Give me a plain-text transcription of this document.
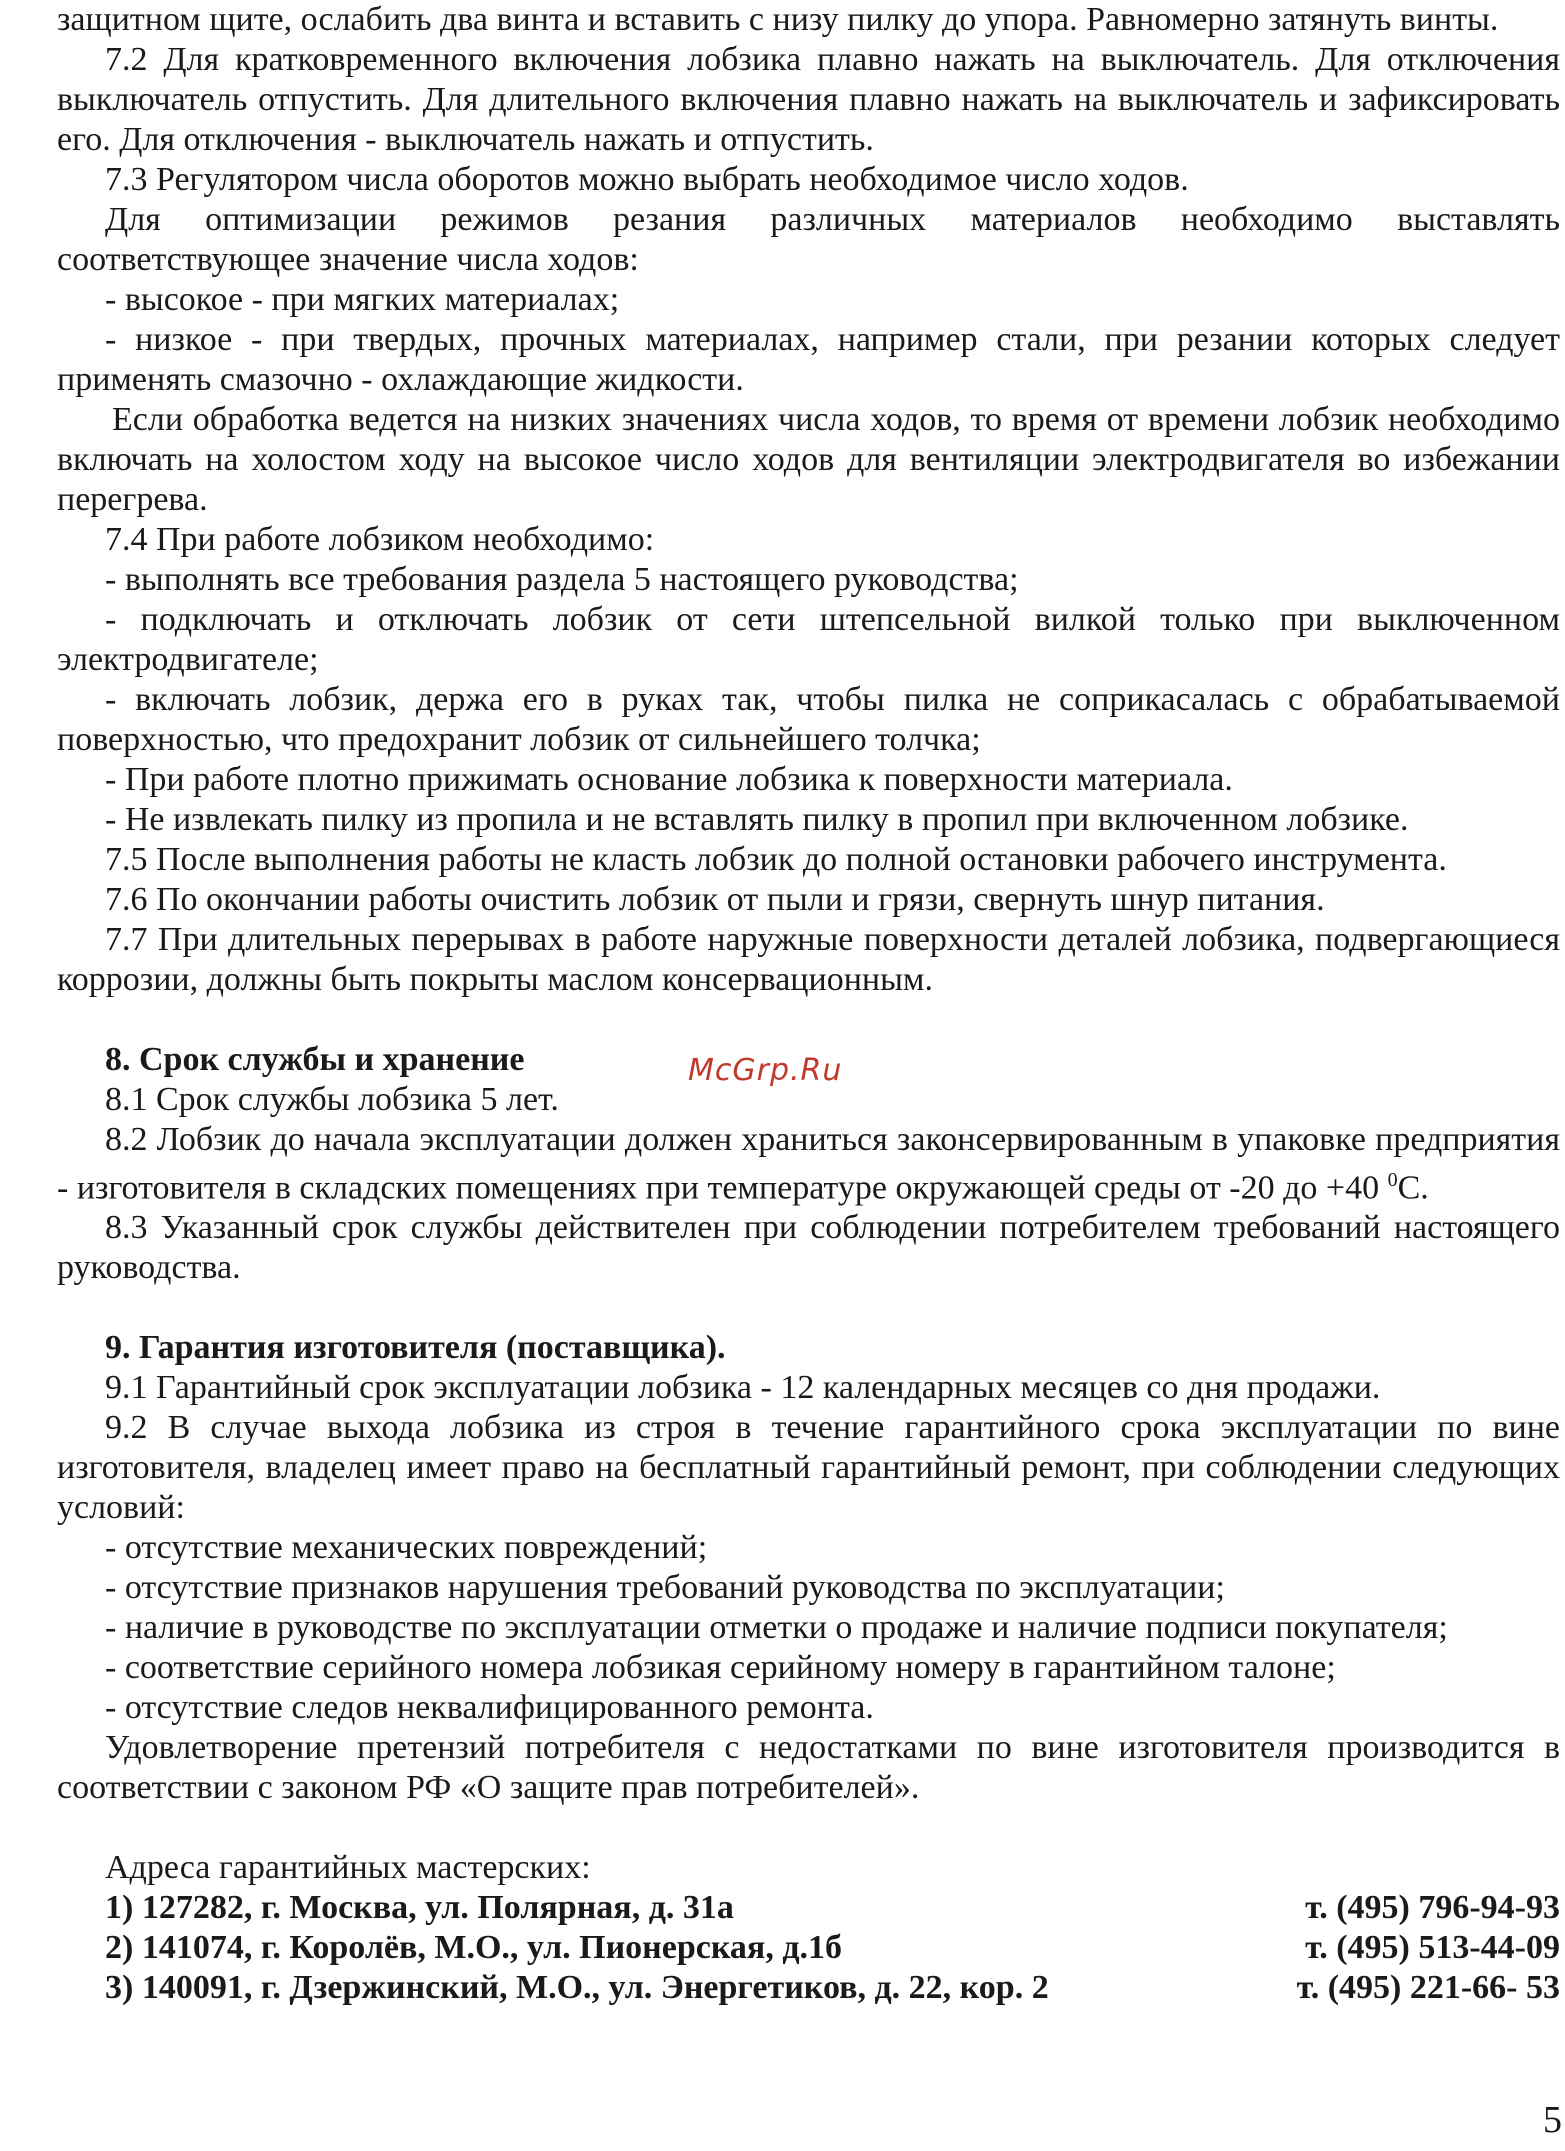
защитном щите, ослабить два винта и вставить с низу пилку до упора. Равномерно затянуть винты.

7.2 Для кратковременного включения лобзика плавно нажать на выключатель. Для отключения выключатель отпустить. Для длительного включения плавно нажать на выключатель и зафиксировать его. Для отключения - выключатель нажать и отпустить.

7.3 Регулятором числа оборотов можно выбрать необходимое число ходов.

Для оптимизации режимов резания различных материалов необходимо выставлять соответствующее значение числа ходов:

- высокое - при мягких материалах;

- низкое - при твердых, прочных материалах, например стали, при резании которых следует применять смазочно - охлаждающие жидкости.

Если обработка ведется на низких значениях числа ходов, то время от времени лобзик необходимо включать на холостом ходу на высокое число ходов для вентиляции электродвигателя во избежании перегрева.

7.4 При работе лобзиком необходимо:

- выполнять все требования раздела 5 настоящего руководства;

- подключать и отключать лобзик от сети штепсельной вилкой только при выключенном электродвигателе;

- включать лобзик, держа его в руках так, чтобы пилка не соприкасалась с обрабатываемой поверхностью, что предохранит лобзик от сильнейшего толчка;

- При работе плотно прижимать основание лобзика к поверхности материала.

- Не извлекать пилку из пропила и не вставлять пилку в пропил при включенном лобзике.

7.5 После выполнения работы не класть лобзик до полной остановки рабочего инструмента.

7.6 По окончании работы очистить лобзик от пыли и грязи, свернуть шнур питания.

7.7 При длительных перерывах в работе наружные поверхности деталей лобзика, подвергающиеся коррозии, должны быть покрыты маслом консервационным.

8. Срок службы и хранение

8.1 Срок службы лобзика 5 лет.

8.2 Лобзик до начала эксплуатации должен храниться законсервированным в упаковке предприятия - изготовителя в складских помещениях при температуре окружающей среды от -20 до +40 $^0$С.

8.3 Указанный срок службы действителен при соблюдении потребителем требований настоящего руководства.

9. Гарантия изготовителя (поставщика).

9.1 Гарантийный срок эксплуатации лобзика - 12 календарных месяцев со дня продажи.

9.2 В случае выхода лобзика из строя в течение гарантийного срока эксплуатации по вине изготовителя, владелец имеет право на бесплатный гарантийный ремонт, при соблюдении следующих условий:

- отсутствие механических повреждений;

- отсутствие признаков нарушения требований руководства по эксплуатации;

- наличие в руководстве по эксплуатации отметки о продаже и наличие подписи покупателя;

- соответствие серийного номера лобзикая серийному номеру в гарантийном талоне;

- отсутствие следов неквалифицированного ремонта.

Удовлетворение претензий потребителя с недостатками по вине изготовителя производится в соответствии с законом РФ «О защите прав потребителей».

Адреса гарантийных мастерских:

1) 127282, г. Москва, ул. Полярная, д. 31а	т. (495) 796-94-93
2) 141074, г. Королёв, М.О., ул. Пионерская, д.1б	т. (495) 513-44-09
3) 140091, г. Дзержинский, М.О., ул. Энергетиков, д. 22, кор. 2	т. (495) 221-66- 53
McGrp.Ru
5
